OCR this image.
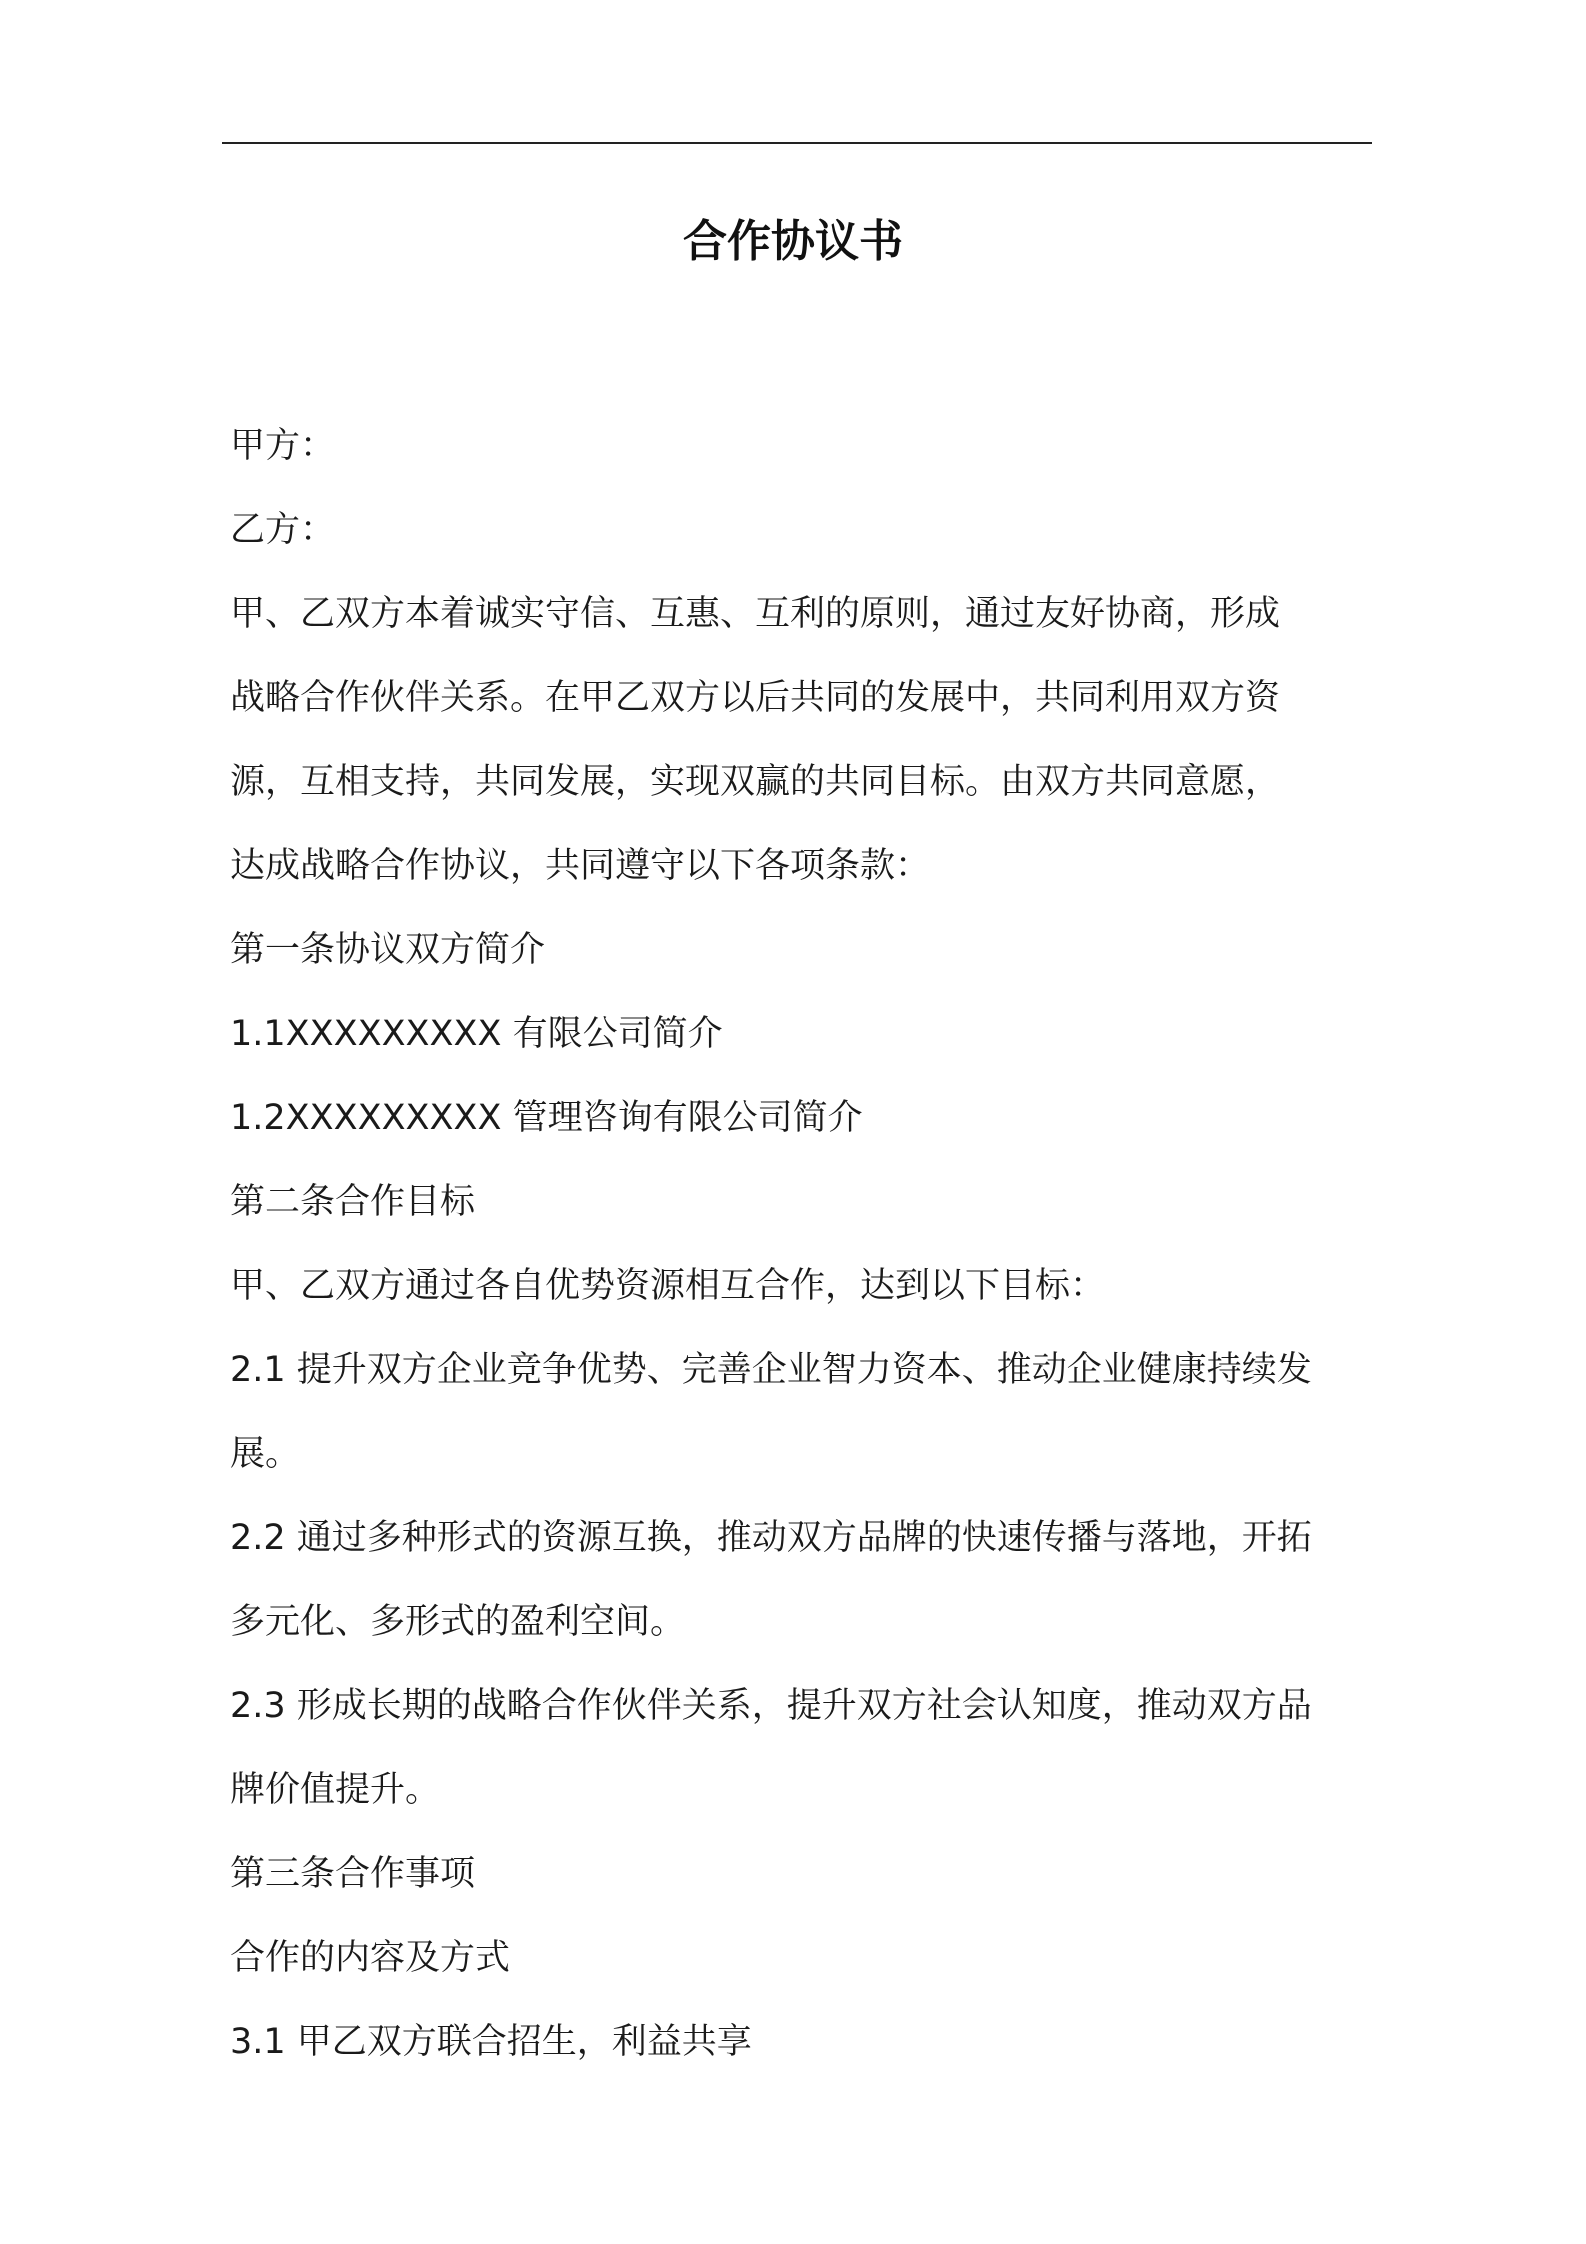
合作协议书
甲方：
乙方：
甲、乙双方本着诚实守信、互惠、互利的原则，通过友好协商，形成
战略合作伙伴关系。在甲乙双方以后共同的发展中，共同利用双方资
源，互相支持，共同发展，实现双赢的共同目标。由双方共同意愿，
达成战略合作协议，共同遵守以下各项条款：
第一条协议双方简介
1.1XXXXXXXXX 有限公司简介
1.2XXXXXXXXX 管理咨询有限公司简介
第二条合作目标
甲、乙双方通过各自优势资源相互合作，达到以下目标：
2.1 提升双方企业竞争优势、完善企业智力资本、推动企业健康持续发
展。
2.2 通过多种形式的资源互换，推动双方品牌的快速传播与落地，开拓
多元化、多形式的盈利空间。
2.3 形成长期的战略合作伙伴关系，提升双方社会认知度，推动双方品
牌价值提升。
第三条合作事项
合作的内容及方式
3.1 甲乙双方联合招生，利益共享
